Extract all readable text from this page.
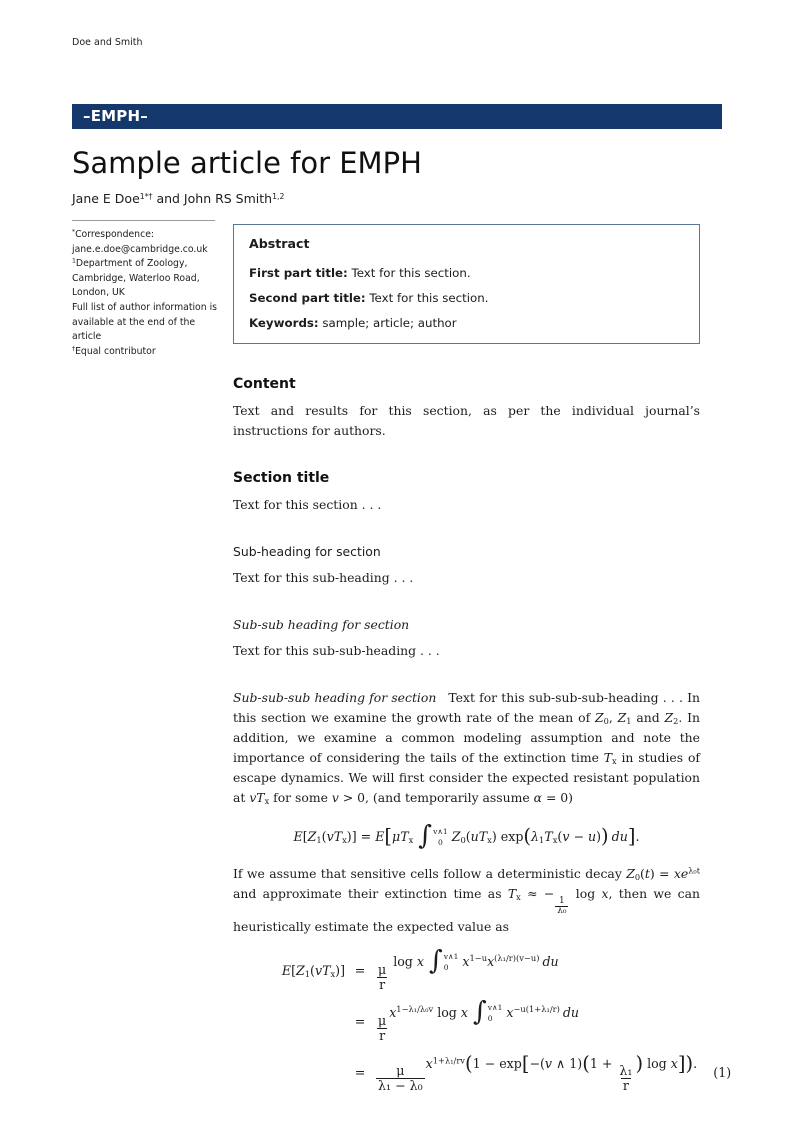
Doe and Smith
–EMPH–
Sample article for EMPH
Jane E Doe$^{1*\dagger}$ and John RS Smith$^{1,2}$
*Correspondence:
jane.e.doe@cambridge.co.uk
$^1$Department of Zoology,
Cambridge, Waterloo Road,
London, UK
Full list of author information is
available at the end of the article
†Equal contributor
Abstract
First part title: Text for this section.
Second part title: Text for this section.
Keywords: sample; article; author
Content

Text and results for this section, as per the individual journal’s instructions for authors.

Section title

Text for this section . . .

Sub-heading for section

Text for this sub-heading . . .

Sub-sub heading for section

Text for this sub-sub-heading . . .

Sub-sub-sub heading for section Text for this sub-sub-sub-heading . . . In this section we examine the growth rate of the mean of $Z_0$, $Z_1$ and $Z_2$. In addition, we examine a common modeling assumption and note the importance of considering the tails of the extinction time $T_x$ in studies of escape dynamics. We will first consider the expected resistant population at $vT_x$ for some v > 0, (and temporarily assume α = 0)

$E[Z_1(vT_x)] = E[\mu T_x$ ∫ v∧1
0 $Z_0(uT_x) \exp(\lambda_1T_x(v - u))$ du].

If we assume that sensitive cells follow a deterministic decay $Z_0(t) = xe^{\lambda_0t}$ and approximate their extinction time as $T_x$ ≈ −
$\frac{1}{\text{λ₀}}$
log x, then we can heuristically estimate the expected value as

$E[Z_1(vT_x)] = \frac{\mu}{r}$
log x ∫ v∧1
0	$x^{1-u}x^{(\lambda_1/r)(v-u)}$ du
= $\frac{\mu}{r}$
$x^{1-\lambda_1/\lambda_0v}$ log x ∫ v∧1
0	$x^{-u(1+\lambda_1/r)}$ du
= $\frac{\mu}{\text{λ₁ − λ₀}}$
$x^{1+\lambda_1/rv}(1 - \exp[-(v$ ∧ 1)(1 +
$\frac{\text{λ₁}}{r}$
) log x]).
(1)
